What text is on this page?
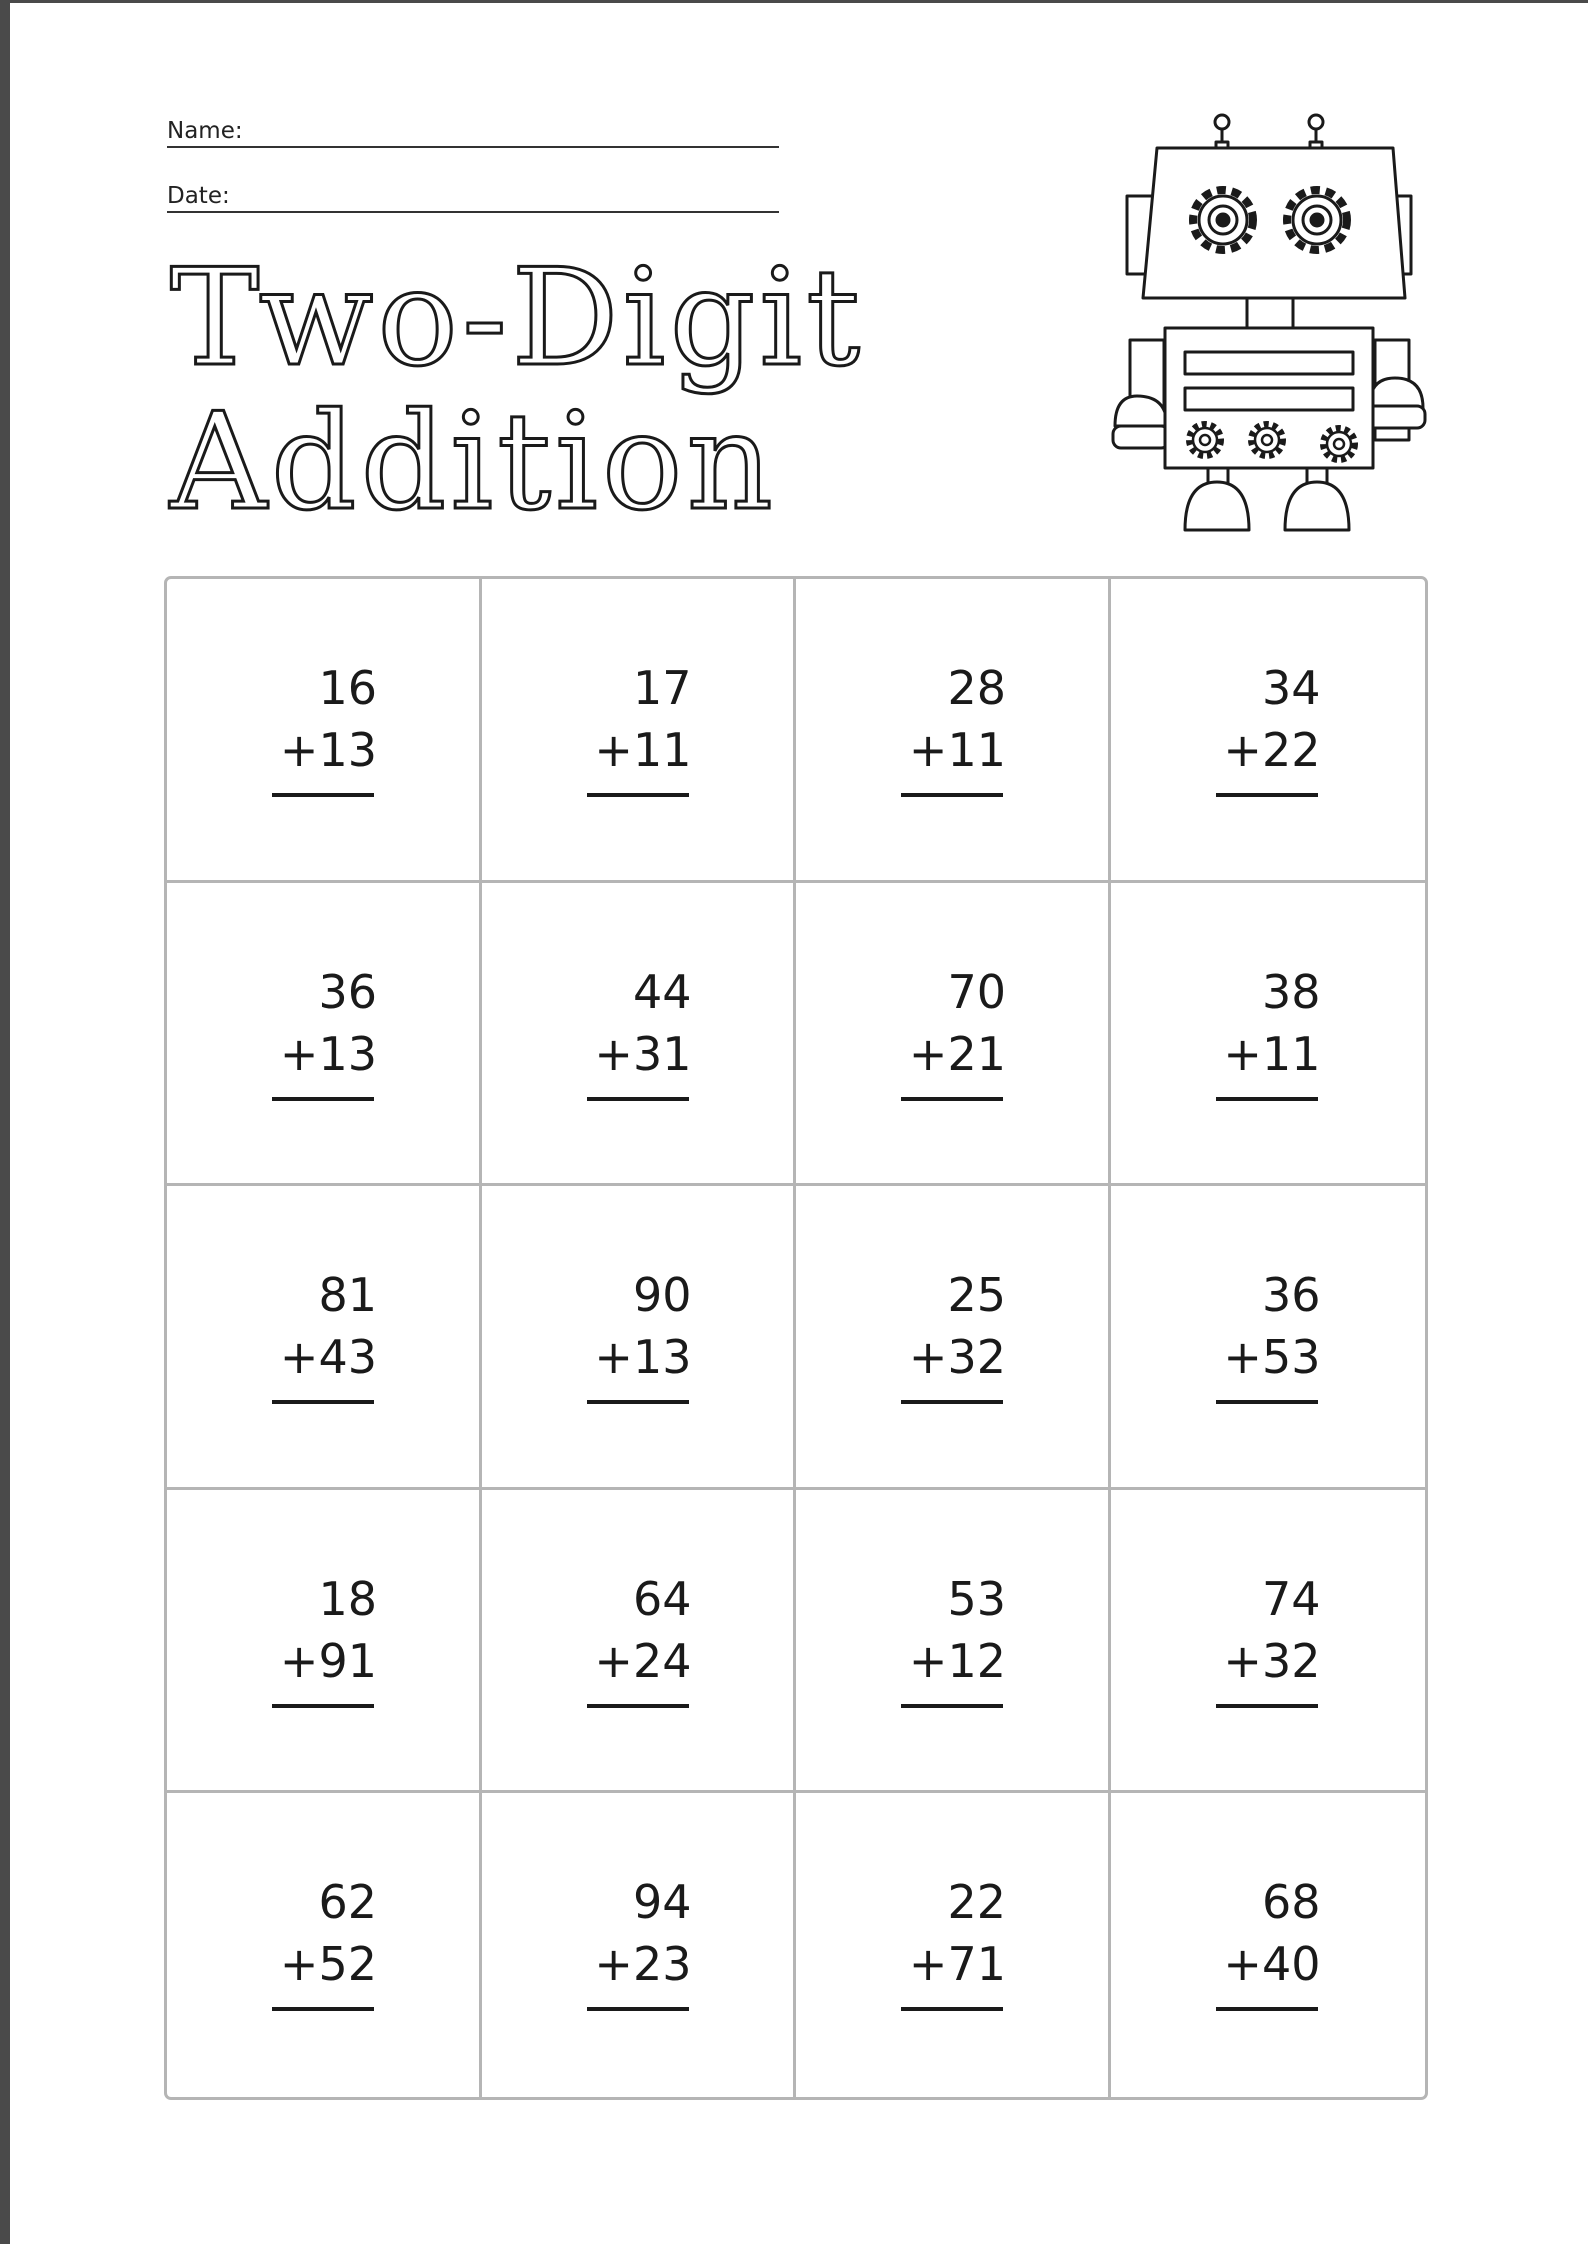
Name:
Date:
Two-Digit
Addition
16
+13
17
+11
28
+11
34
+22
36
+13
44
+31
70
+21
38
+11
81
+43
90
+13
25
+32
36
+53
18
+91
64
+24
53
+12
74
+32
62
+52
94
+23
22
+71
68
+40
